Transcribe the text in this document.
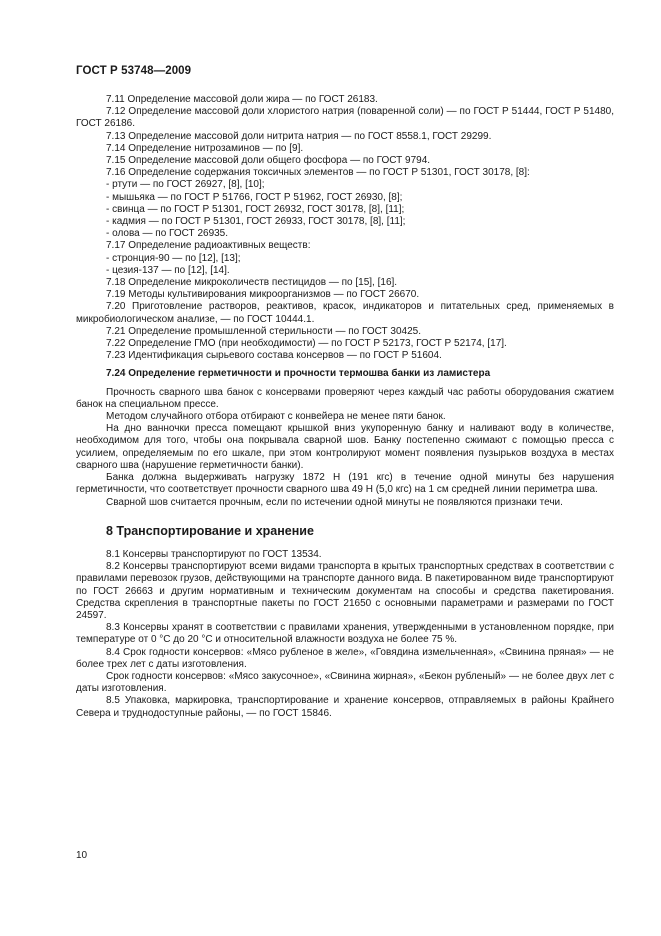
ГОСТ Р 53748—2009

7.11 Определение массовой доли жира — по ГОСТ 26183.

7.12 Определение массовой доли хлористого натрия (поваренной соли) — по ГОСТ Р 51444, ГОСТ Р 51480, ГОСТ 26186.

7.13 Определение массовой доли нитрита натрия — по ГОСТ 8558.1, ГОСТ 29299.

7.14 Определение нитрозаминов — по [9].

7.15 Определение массовой доли общего фосфора — по ГОСТ 9794.

7.16 Определение содержания токсичных элементов — по ГОСТ Р 51301, ГОСТ 30178, [8]:

- ртути — по ГОСТ 26927, [8], [10];

- мышьяка — по ГОСТ Р 51766, ГОСТ Р 51962, ГОСТ 26930, [8];

- свинца — по ГОСТ Р 51301, ГОСТ 26932, ГОСТ 30178, [8], [11];

- кадмия — по ГОСТ Р 51301, ГОСТ 26933, ГОСТ 30178, [8], [11];

- олова — по ГОСТ 26935.

7.17 Определение радиоактивных веществ:

- стронция-90 — по [12], [13];

- цезия-137 — по [12], [14].

7.18 Определение микроколичеств пестицидов — по [15], [16].

7.19 Методы культивирования микроорганизмов — по ГОСТ 26670.

7.20 Приготовление растворов, реактивов, красок, индикаторов и питательных сред, применяемых в микробиологическом анализе, — по ГОСТ 10444.1.

7.21 Определение промышленной стерильности — по ГОСТ 30425.

7.22 Определение ГМО (при необходимости) — по ГОСТ Р 52173, ГОСТ Р 52174, [17].

7.23 Идентификация сырьевого состава консервов — по ГОСТ Р 51604.

7.24 Определение герметичности и прочности термошва банки из ламистера

Прочность сварного шва банок с консервами проверяют через каждый час работы оборудования сжатием банок на специальном прессе.

Методом случайного отбора отбирают с конвейера не менее пяти банок.

На дно ванночки пресса помещают крышкой вниз укупоренную банку и наливают воду в количестве, необходимом для того, чтобы она покрывала сварной шов. Банку постепенно сжимают с помощью пресса с усилием, определяемым по его шкале, при этом контролируют момент появления пузырьков воздуха в местах сварного шва (нарушение герметичности банки).

Банка должна выдерживать нагрузку 1872 Н (191 кгс) в течение одной минуты без нарушения герметичности, что соответствует прочности сварного шва 49 Н (5,0 кгс) на 1 см средней линии периметра шва.

Сварной шов считается прочным, если по истечении одной минуты не появляются признаки течи.

8 Транспортирование и хранение

8.1 Консервы транспортируют по ГОСТ 13534.

8.2 Консервы транспортируют всеми видами транспорта в крытых транспортных средствах в соответствии с правилами перевозок грузов, действующими на транспорте данного вида. В пакетированном виде транспортируют по ГОСТ 26663 и другим нормативным и техническим документам на способы и средства пакетирования. Средства скрепления в транспортные пакеты по ГОСТ 21650 с основными параметрами и размерами по ГОСТ 24597.

8.3 Консервы хранят в соответствии с правилами хранения, утвержденными в установленном порядке, при температуре от 0 °С до 20 °С и относительной влажности воздуха не более 75 %.

8.4 Срок годности консервов: «Мясо рубленое в желе», «Говядина измельченная», «Свинина пряная» — не более трех лет с даты изготовления.

Срок годности консервов: «Мясо закусочное», «Свинина жирная», «Бекон рубленый» — не более двух лет с даты изготовления.

8.5 Упаковка, маркировка, транспортирование и хранение консервов, отправляемых в районы Крайнего Севера и труднодоступные районы, — по ГОСТ 15846.

10
